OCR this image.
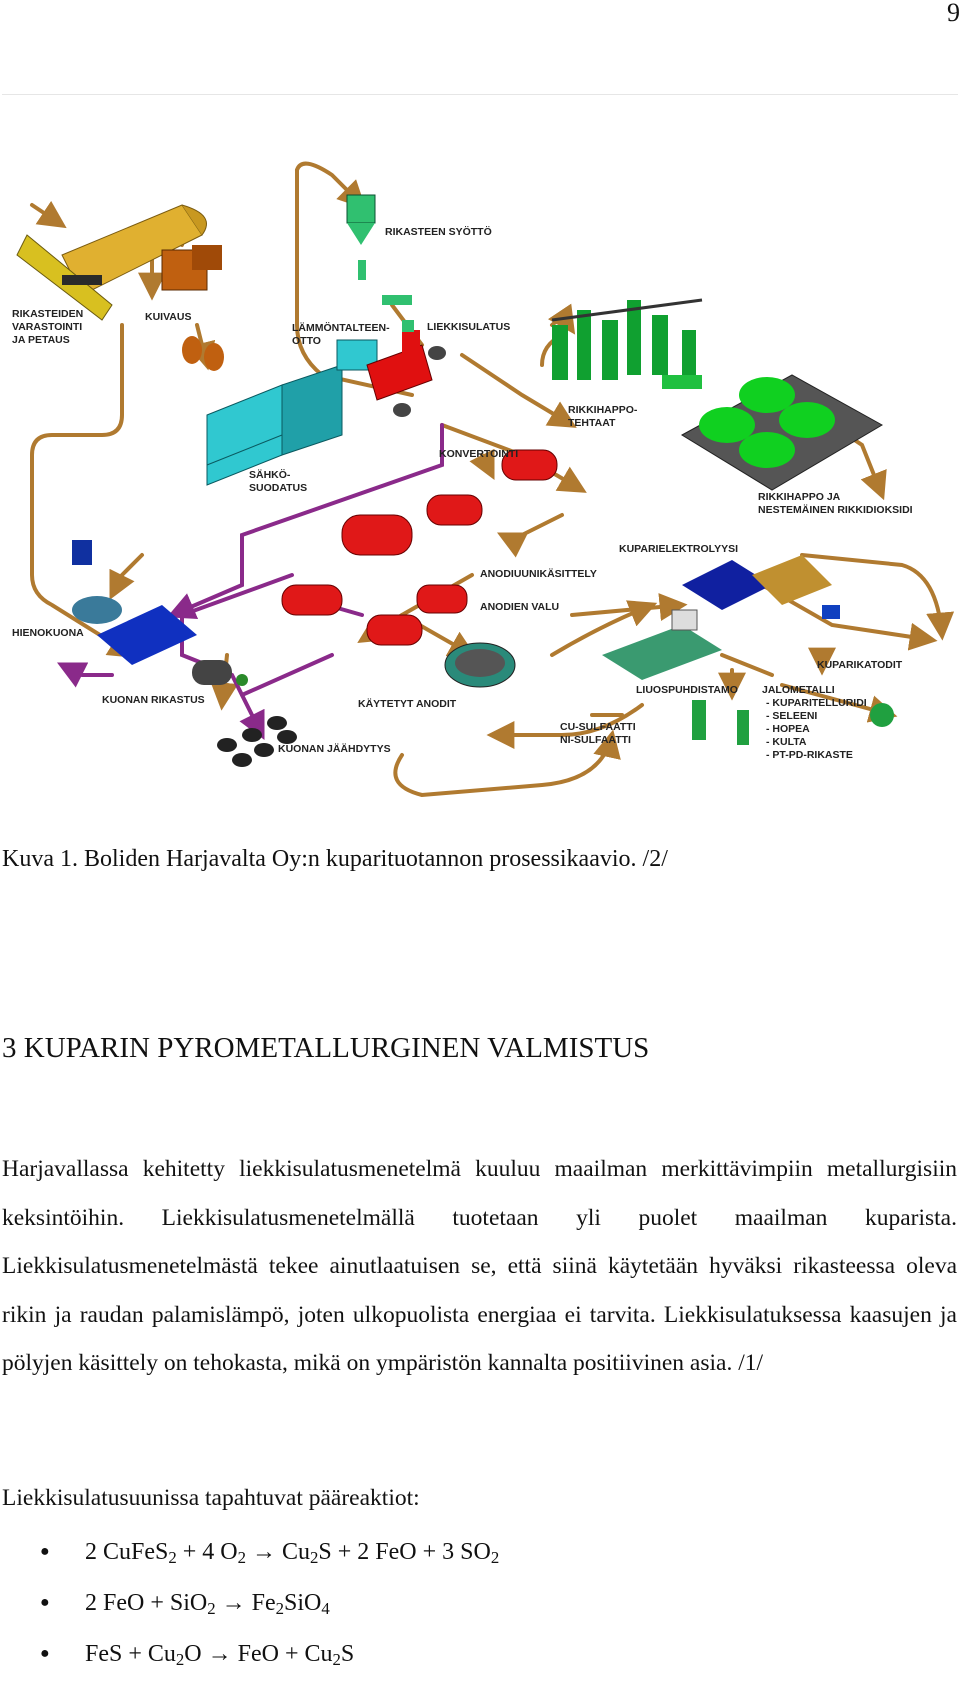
9
RIKASTEIDEN
VARASTOINTI
JA PETAUS
KUIVAUS
RIKASTEEN SYÖTTÖ
LÄMMÖNTALTEEN-
OTTO
LIEKKISULATUS
RIKKIHAPPO-
TEHTAAT
KONVERTOINTI
SÄHKÖ-
SUODATUS
RIKKIHAPPO JA
NESTEMÄINEN RIKKIDIOKSIDI
KUPARIELEKTROLYYSI
ANODIUUNIKÄSITTELY
ANODIEN VALU
HIENOKUONA
KUPARIKATODIT
KUONAN RIKASTUS	KÄYTETYT ANODIT
LIUOSPUHDISTAMO JALOMETALLI
- KUPARITELLURIDI
- SELEENI
- HOPEA
- KULTA
- PT-PD-RIKASTE
CU-SULFAATTI
NI-SULFAATTI
KUONAN JÄÄHDYTYS
Kuva 1. Boliden Harjavalta Oy:n kuparituotannon prosessikaavio. /2/
3 KUPARIN PYROMETALLURGINEN VALMISTUS
Harjavallassa kehitetty liekkisulatusmenetelmä kuuluu maailman merkittävimpiin metallurgisiin keksintöihin. Liekkisulatusmenetelmällä tuotetaan yli puolet maailman kuparista. Liekkisulatusmenetelmästä tekee ainutlaatuisen se, että siinä käytetään hyväksi rikasteessa oleva rikin ja raudan palamislämpö, joten ulkopuolista energiaa ei tarvita. Liekkisulatuksessa kaasujen ja pölyjen käsittely on tehokasta, mikä on ympäristön kannalta positiivinen asia. /1/
Liekkisulatusuunissa tapahtuvat pääreaktiot:
● 2 CuFeS$_2$ + 4 $O_2 \to Cu_2S + 2$ FeO + 3 $SO_2$
● 2 FeO + $SiO_2 \to Fe_2SiO_4$
● FeS + $Cu_2O$ → FeO + $Cu_2S$
